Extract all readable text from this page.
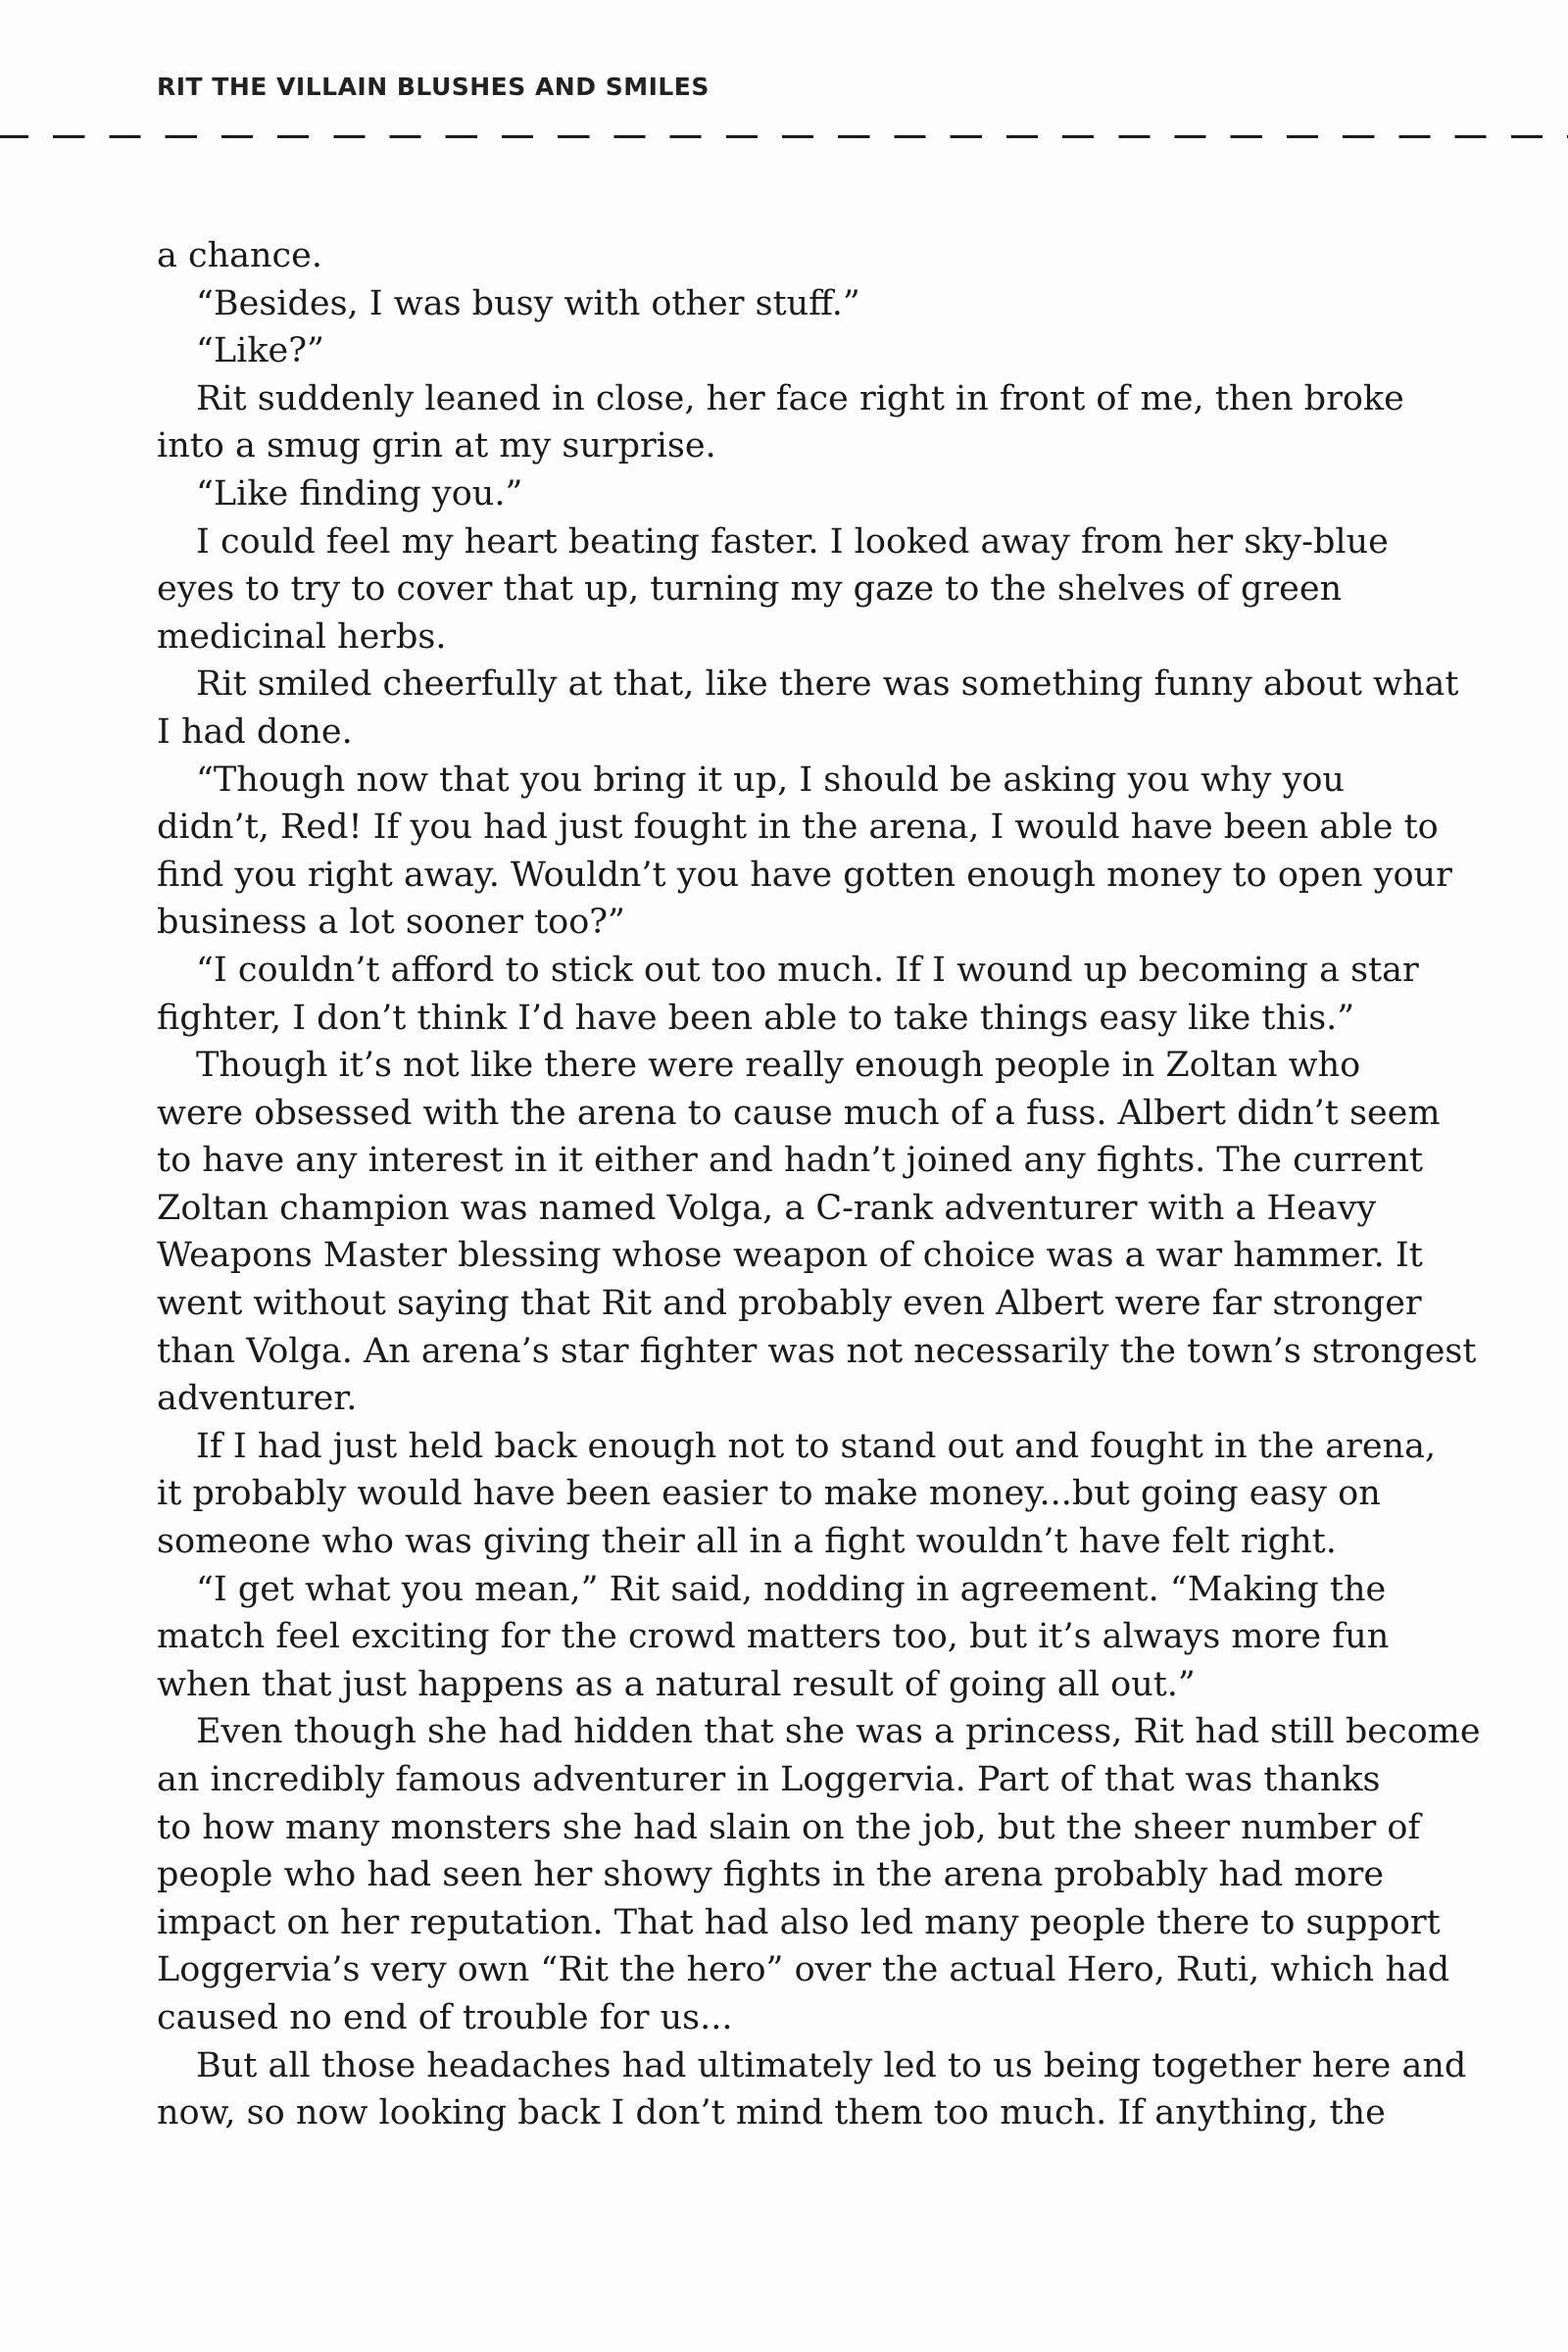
RIT THE VILLAIN BLUSHES AND SMILES
a chance.
“Besides, I was busy with other stuff.”
“Like?”
Rit suddenly leaned in close, her face right in front of me, then broke
into a smug grin at my surprise.
“Like finding you.”
I could feel my heart beating faster. I looked away from her sky-blue
eyes to try to cover that up, turning my gaze to the shelves of green
medicinal herbs.
Rit smiled cheerfully at that, like there was something funny about what
I had done.
“Though now that you bring it up, I should be asking you why you
didn’t, Red! If you had just fought in the arena, I would have been able to
find you right away. Wouldn’t you have gotten enough money to open your
business a lot sooner too?”
“I couldn’t afford to stick out too much. If I wound up becoming a star
fighter, I don’t think I’d have been able to take things easy like this.”
Though it’s not like there were really enough people in Zoltan who
were obsessed with the arena to cause much of a fuss. Albert didn’t seem
to have any interest in it either and hadn’t joined any fights. The current
Zoltan champion was named Volga, a C-rank adventurer with a Heavy
Weapons Master blessing whose weapon of choice was a war hammer. It
went without saying that Rit and probably even Albert were far stronger
than Volga. An arena’s star fighter was not necessarily the town’s strongest
adventurer.
If I had just held back enough not to stand out and fought in the arena,
it probably would have been easier to make money...but going easy on
someone who was giving their all in a fight wouldn’t have felt right.
“I get what you mean,” Rit said, nodding in agreement. “Making the
match feel exciting for the crowd matters too, but it’s always more fun
when that just happens as a natural result of going all out.”
Even though she had hidden that she was a princess, Rit had still become
an incredibly famous adventurer in Loggervia. Part of that was thanks
to how many monsters she had slain on the job, but the sheer number of
people who had seen her showy fights in the arena probably had more
impact on her reputation. That had also led many people there to support
Loggervia’s very own “Rit the hero” over the actual Hero, Ruti, which had
caused no end of trouble for us...
But all those headaches had ultimately led to us being together here and
now, so now looking back I don’t mind them too much. If anything, the
